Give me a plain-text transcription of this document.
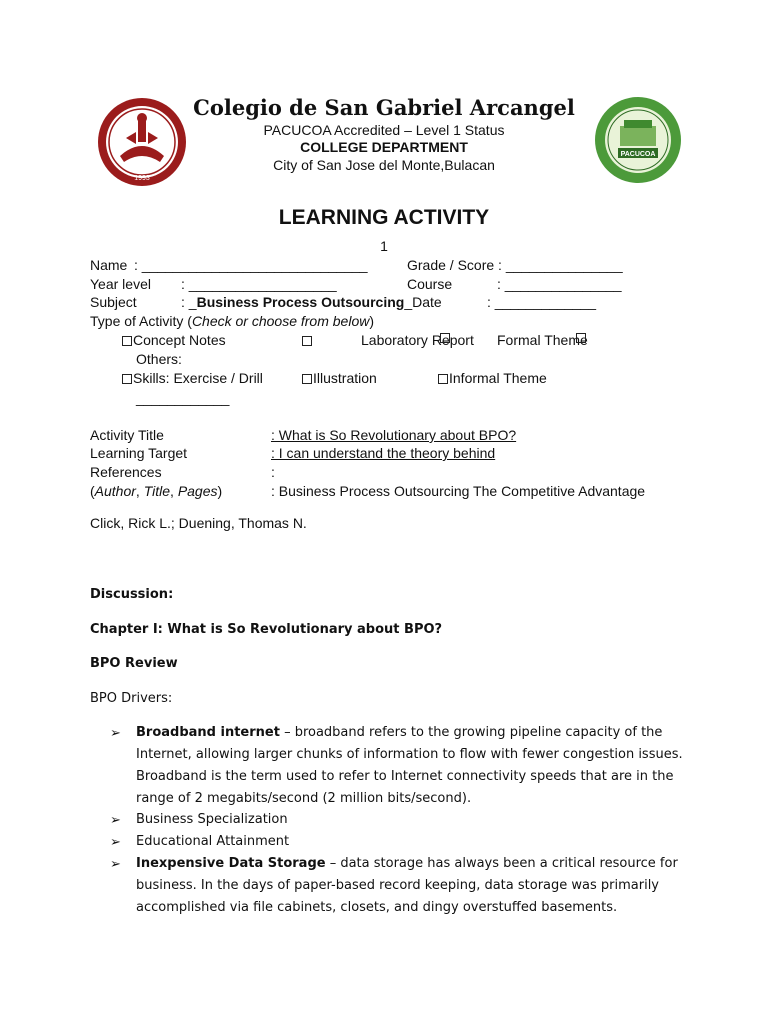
1993
PACUCOA
Colegio de San Gabriel Arcangel
PACUCOA Accredited – Level 1 Status
COLLEGE DEPARTMENT
City of San Jose del Monte,Bulacan
LEARNING ACTIVITY
1
Name : _____________________________	Grade / Score : _______________
Year level : ___________________	Course	: _______________
Subject	: _Business Process Outsourcing_Date	: _____________
Type of Activity (Check or choose from below)
Concept Notes	Laboratory Report Formal Theme
Others:
Skills: Exercise / Drill	Illustration	Informal Theme
____________
Activity Title	: What is So Revolutionary about BPO?
Learning Target	: I can understand the theory behind
References	:
(Author, Title, Pages)	: Business Process Outsourcing The Competitive Advantage
Click, Rick L.; Duening, Thomas N.
Discussion:
Chapter I: What is So Revolutionary about BPO?
BPO Review
BPO Drivers:
➢ Broadband internet – broadband refers to the growing pipeline capacity of the Internet, allowing larger chunks of information to flow with fewer congestion issues. Broadband is the term used to refer to Internet connectivity speeds that are in the range of 2 megabits/second (2 million bits/second).
➢ Business Specialization
➢ Educational Attainment
➢ Inexpensive Data Storage – data storage has always been a critical resource for business. In the days of paper-based record keeping, data storage was primarily accomplished via file cabinets, closets, and dingy overstuffed basements.
